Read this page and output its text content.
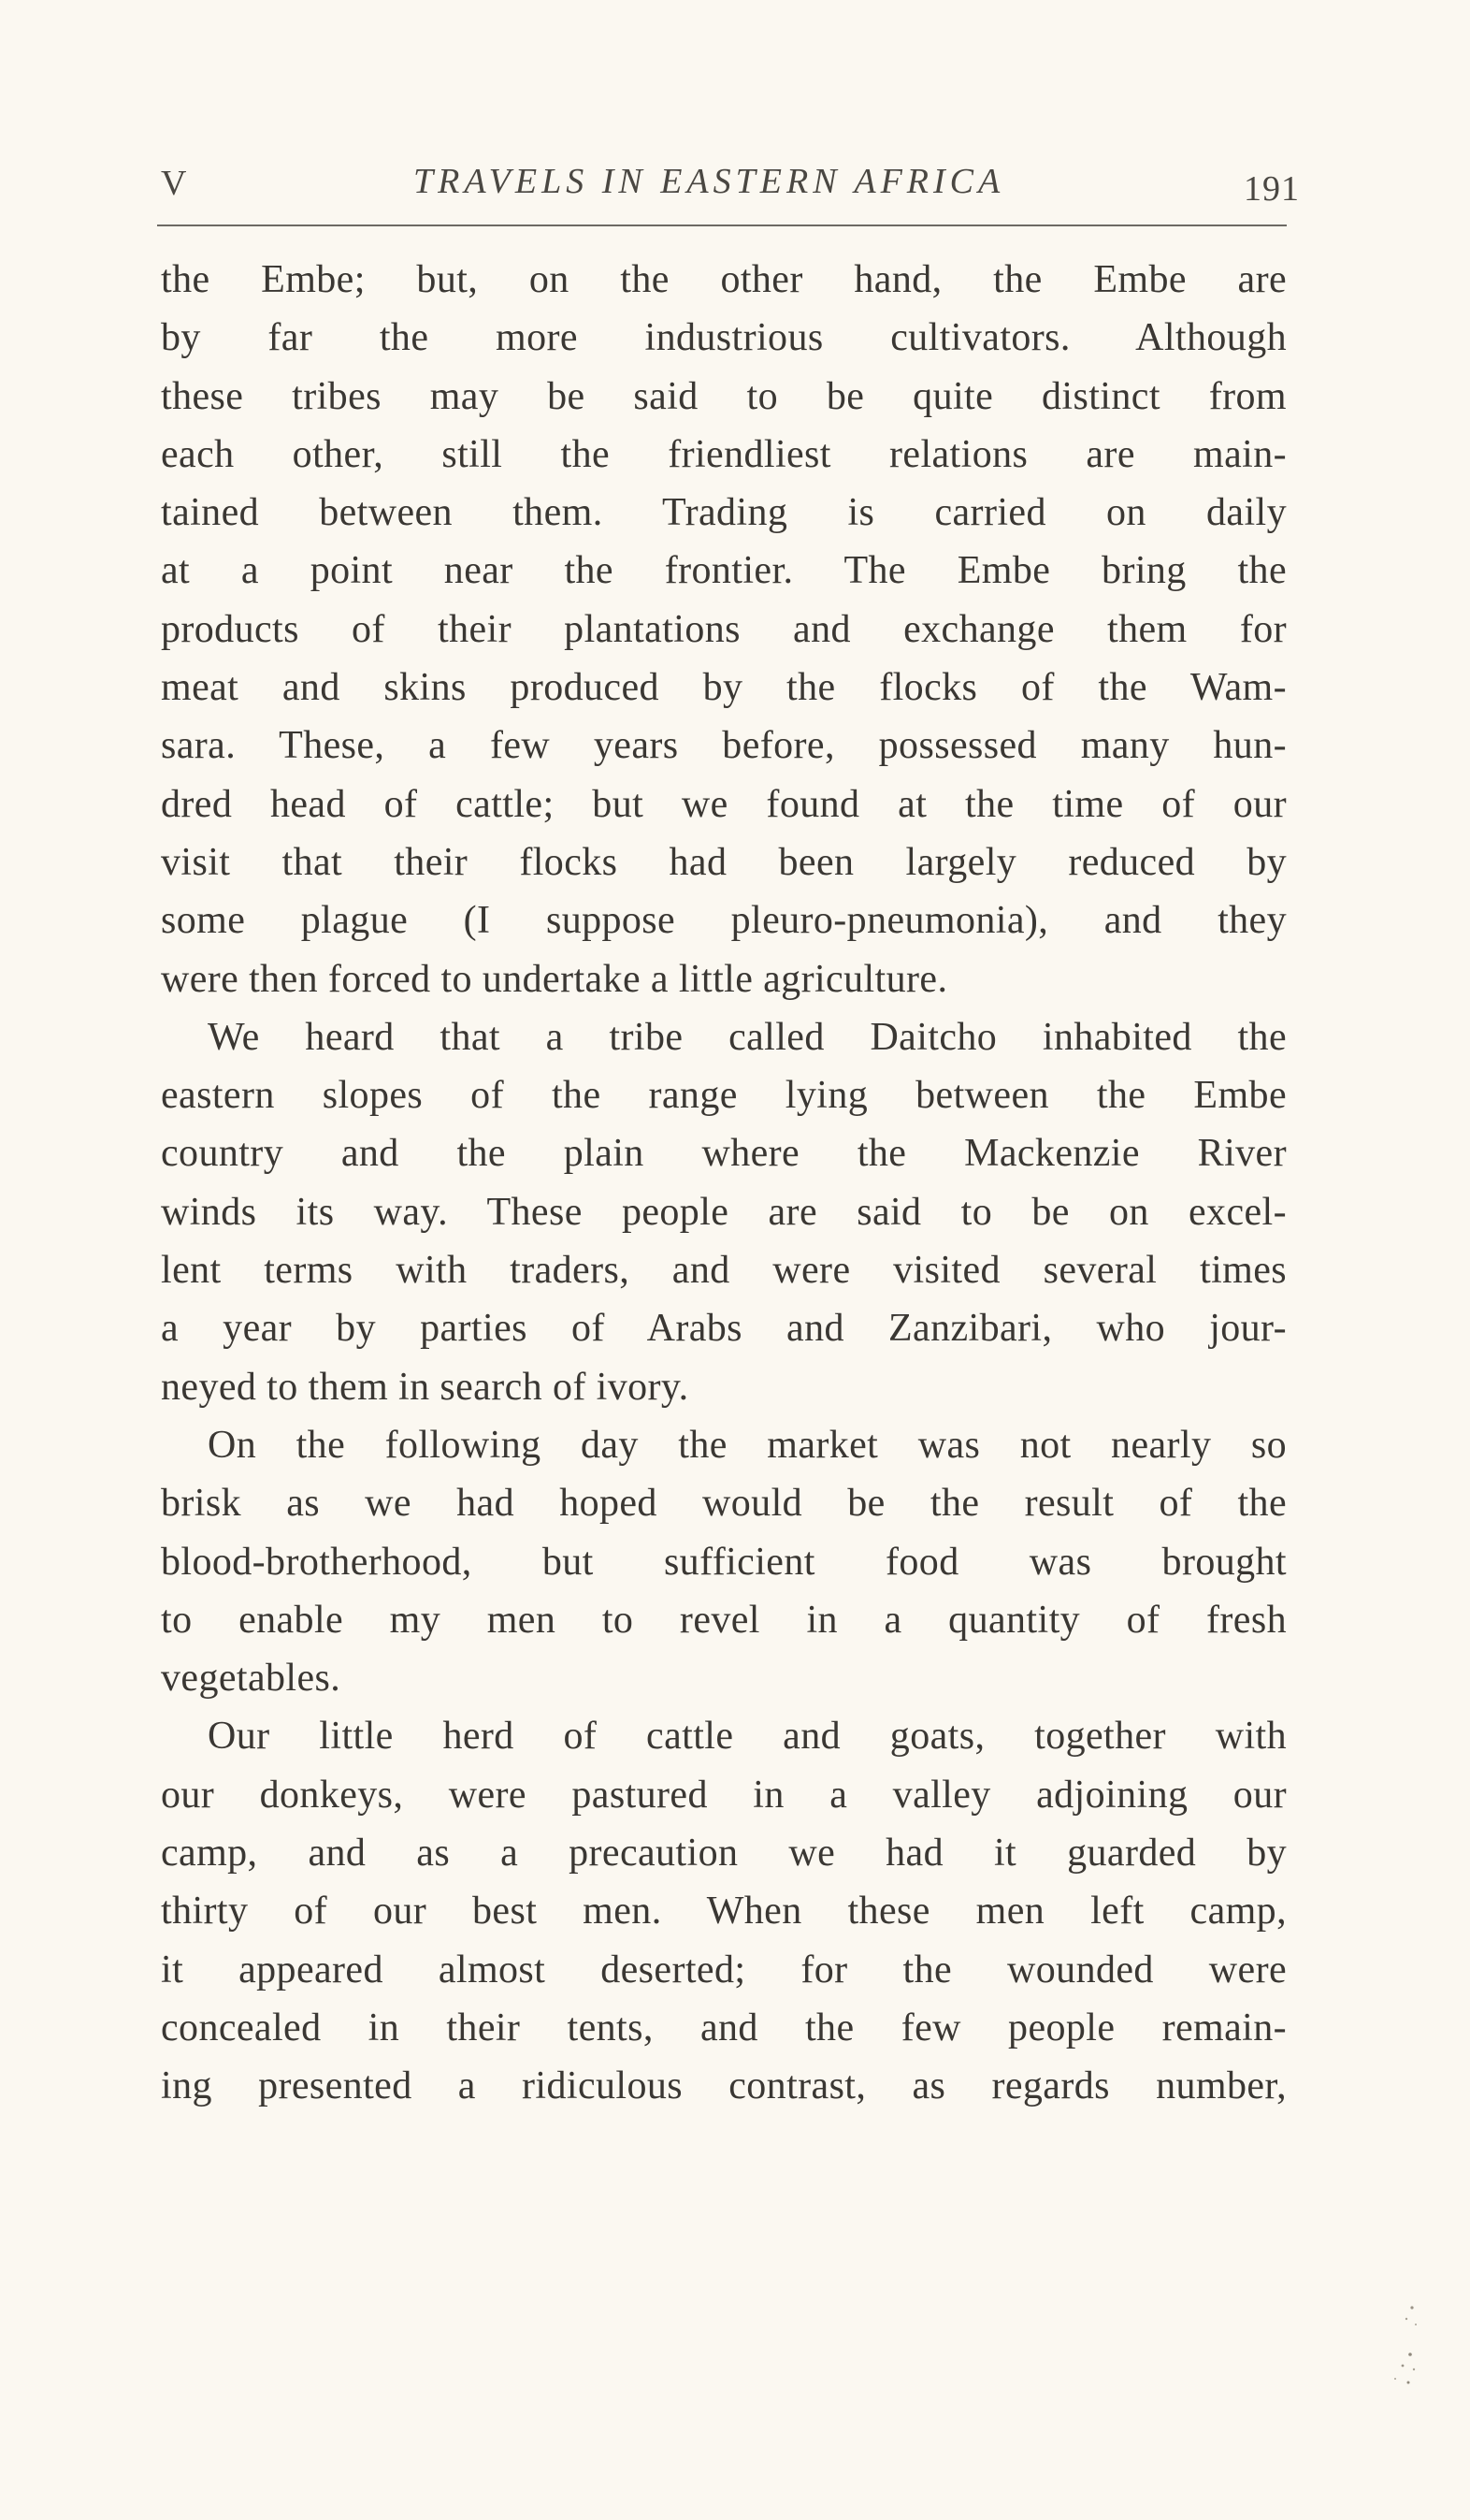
V	TRAVELS IN EASTERN AFRICA	191
the Embe; but, on the other hand, the Embe are
by far the more industrious cultivators. Although
these tribes may be said to be quite distinct from
each other, still the friendliest relations are main-
tained between them. Trading is carried on daily
at a point near the frontier. The Embe bring the
products of their plantations and exchange them for
meat and skins produced by the flocks of the Wam-
sara. These, a few years before, possessed many hun-
dred head of cattle; but we found at the time of our
visit that their flocks had been largely reduced by
some plague (I suppose pleuro-pneumonia), and they
were then forced to undertake a little agriculture.
We heard that a tribe called Daitcho inhabited the
eastern slopes of the range lying between the Embe
country and the plain where the Mackenzie River
winds its way. These people are said to be on excel-
lent terms with traders, and were visited several times
a year by parties of Arabs and Zanzibari, who jour-
neyed to them in search of ivory.
On the following day the market was not nearly so
brisk as we had hoped would be the result of the
blood-brotherhood, but sufficient food was brought
to enable my men to revel in a quantity of fresh
vegetables.
Our little herd of cattle and goats, together with
our donkeys, were pastured in a valley adjoining our
camp, and as a precaution we had it guarded by
thirty of our best men. When these men left camp,
it appeared almost deserted; for the wounded were
concealed in their tents, and the few people remain-
ing presented a ridiculous contrast, as regards number,
